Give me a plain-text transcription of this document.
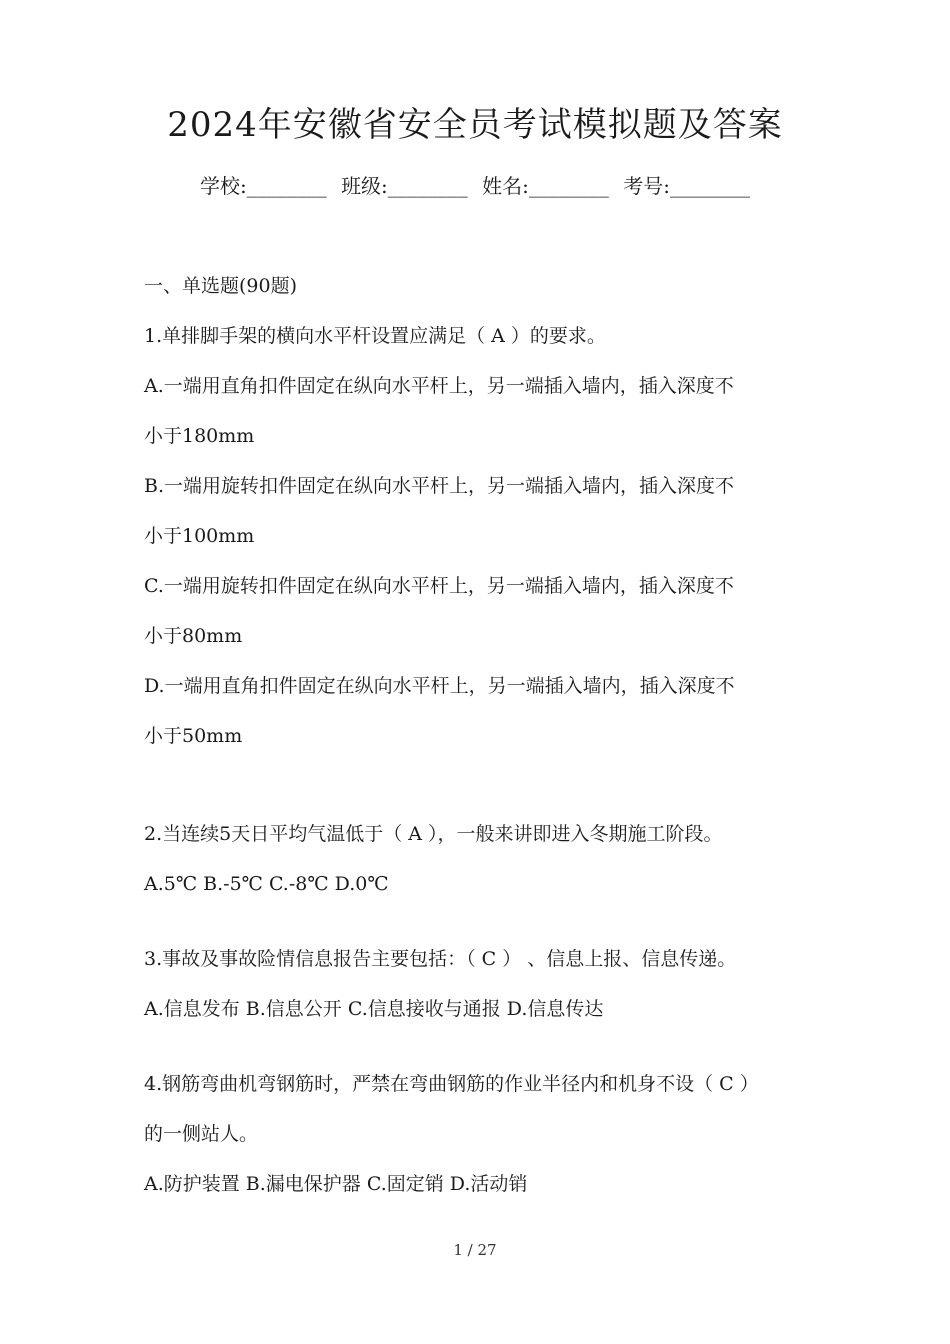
2024年安徽省安全员考试模拟题及答案
学校:________ 班级:________ 姓名:________ 考号:________
一、单选题(90题)
1.单排脚手架的横向水平杆设置应满足（ A ）的要求。
A.一端用直角扣件固定在纵向水平杆上，另一端插入墙内，插入深度不
小于180mm
B.一端用旋转扣件固定在纵向水平杆上，另一端插入墙内，插入深度不
小于100mm
C.一端用旋转扣件固定在纵向水平杆上，另一端插入墙内，插入深度不
小于80mm
D.一端用直角扣件固定在纵向水平杆上，另一端插入墙内，插入深度不
小于50mm
2.当连续5天日平均气温低于（ A ），一般来讲即进入冬期施工阶段。
A.5℃ B.-5℃ C.-8℃ D.0℃
3.事故及事故险情信息报告主要包括：（ C ） 、信息上报、信息传递。
A.信息发布 B.信息公开 C.信息接收与通报 D.信息传达
4.钢筋弯曲机弯钢筋时，严禁在弯曲钢筋的作业半径内和机身不设（ C ）
的一侧站人。
A.防护装置 B.漏电保护器 C.固定销 D.活动销
1 / 27
